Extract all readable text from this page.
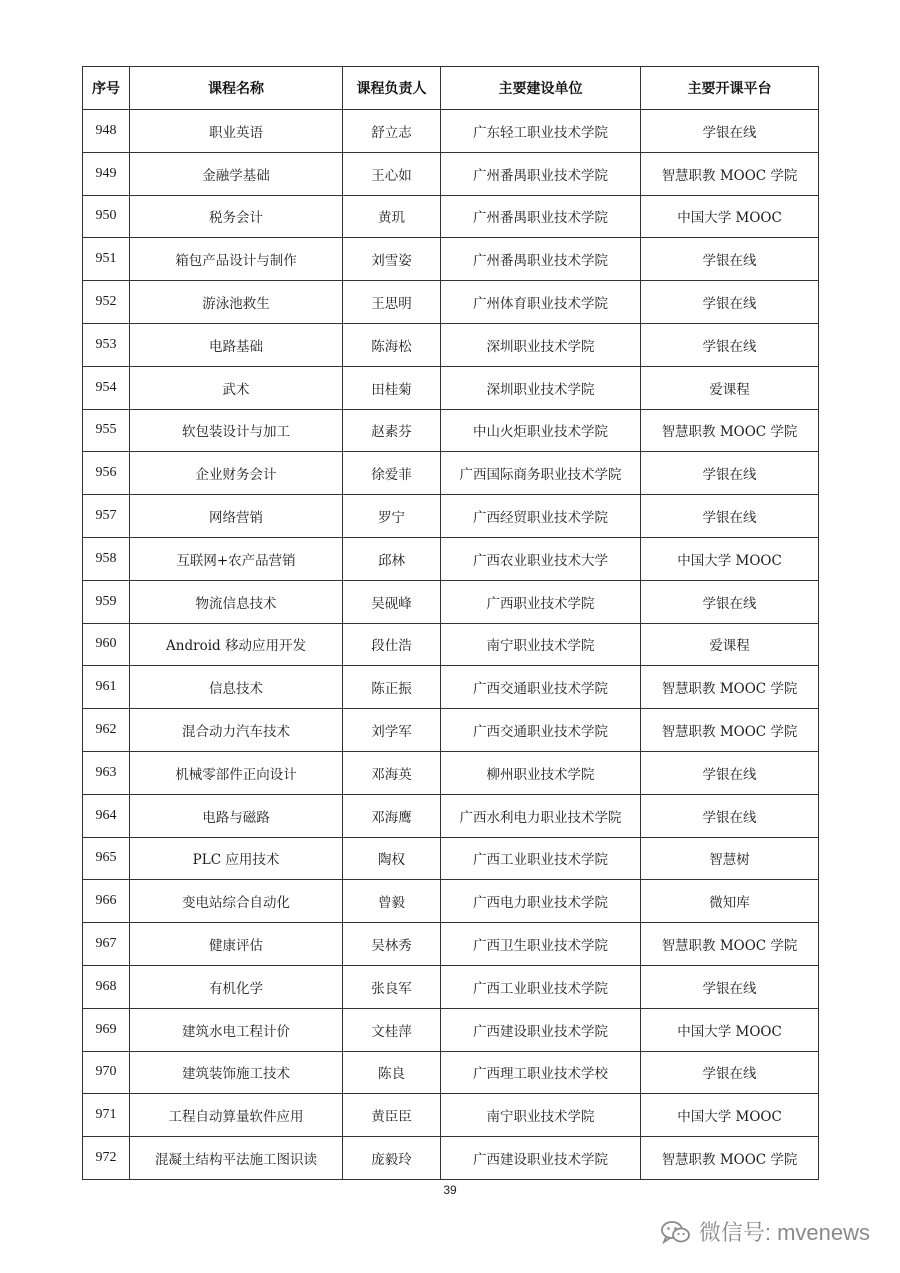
序号	课程名称	课程负责人	主要建设单位	主要开课平台
948	职业英语	舒立志	广东轻工职业技术学院	学银在线
949	金融学基础	王心如	广州番禺职业技术学院	智慧职教 MOOC 学院
950	税务会计	黄玑	广州番禺职业技术学院	中国大学 MOOC
951	箱包产品设计与制作	刘雪姿	广州番禺职业技术学院	学银在线
952	游泳池救生	王思明	广州体育职业技术学院	学银在线
953	电路基础	陈海松	深圳职业技术学院	学银在线
954	武术	田桂菊	深圳职业技术学院	爱课程
955	软包装设计与加工	赵素芬	中山火炬职业技术学院	智慧职教 MOOC 学院
956	企业财务会计	徐爱菲	广西国际商务职业技术学院	学银在线
957	网络营销	罗宁	广西经贸职业技术学院	学银在线
958	互联网+农产品营销	邱林	广西农业职业技术大学	中国大学 MOOC
959	物流信息技术	吴砚峰	广西职业技术学院	学银在线
960	Android 移动应用开发	段仕浩	南宁职业技术学院	爱课程
961	信息技术	陈正振	广西交通职业技术学院	智慧职教 MOOC 学院
962	混合动力汽车技术	刘学军	广西交通职业技术学院	智慧职教 MOOC 学院
963	机械零部件正向设计	邓海英	柳州职业技术学院	学银在线
964	电路与磁路	邓海鹰	广西水利电力职业技术学院	学银在线
965	PLC 应用技术	陶权	广西工业职业技术学院	智慧树
966	变电站综合自动化	曾毅	广西电力职业技术学院	微知库
967	健康评估	吴林秀	广西卫生职业技术学院	智慧职教 MOOC 学院
968	有机化学	张良军	广西工业职业技术学院	学银在线
969	建筑水电工程计价	文桂萍	广西建设职业技术学院	中国大学 MOOC
970	建筑装饰施工技术	陈良	广西理工职业技术学校	学银在线
971	工程自动算量软件应用	黄臣臣	南宁职业技术学院	中国大学 MOOC
972	混凝土结构平法施工图识读	庞毅玲	广西建设职业技术学院	智慧职教 MOOC 学院
39
微信号: mvenews
